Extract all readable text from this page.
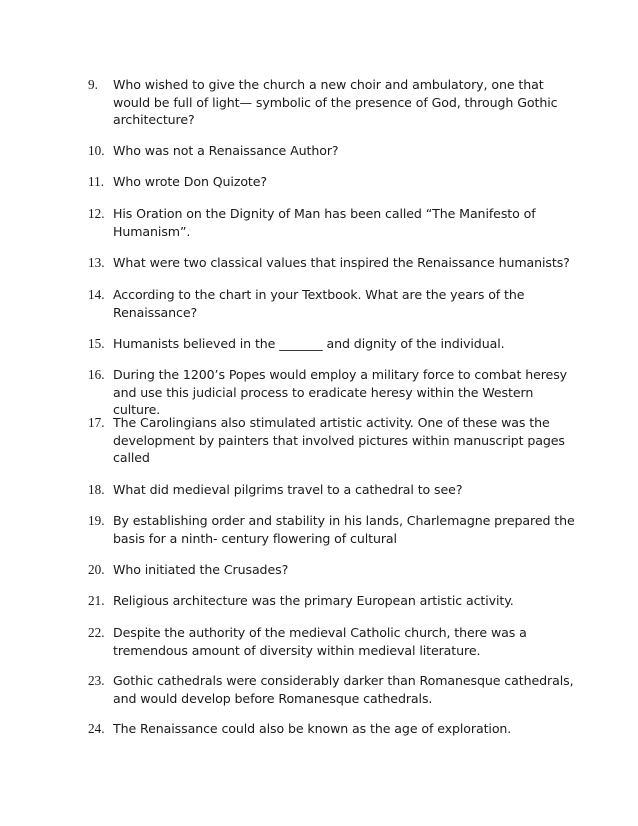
9.	Who wished to give the church a new choir and ambulatory, one that would be full of light— symbolic of the presence of God, through Gothic architecture?
10. Who was not a Renaissance Author?
11. Who wrote Don Quizote?
12. His Oration on the Dignity of Man has been called “The Manifesto of Humanism”.
13. What were two classical values that inspired the Renaissance humanists?
14. According to the chart in your Textbook. What are the years of the Renaissance?
15. Humanists believed in the _______ and dignity of the individual.
16. During the 1200’s Popes would employ a military force to combat heresy and use this judicial process to eradicate heresy within the Western culture.
17. The Carolingians also stimulated artistic activity. One of these was the development by painters that involved pictures within manuscript pages called
18. What did medieval pilgrims travel to a cathedral to see?
19. By establishing order and stability in his lands, Charlemagne prepared the basis for a ninth- century flowering of cultural
20. Who initiated the Crusades?
21. Religious architecture was the primary European artistic activity.
22. Despite the authority of the medieval Catholic church, there was a tremendous amount of diversity within medieval literature.
23. Gothic cathedrals were considerably darker than Romanesque cathedrals, and would develop before Romanesque cathedrals.
24. The Renaissance could also be known as the age of exploration.
